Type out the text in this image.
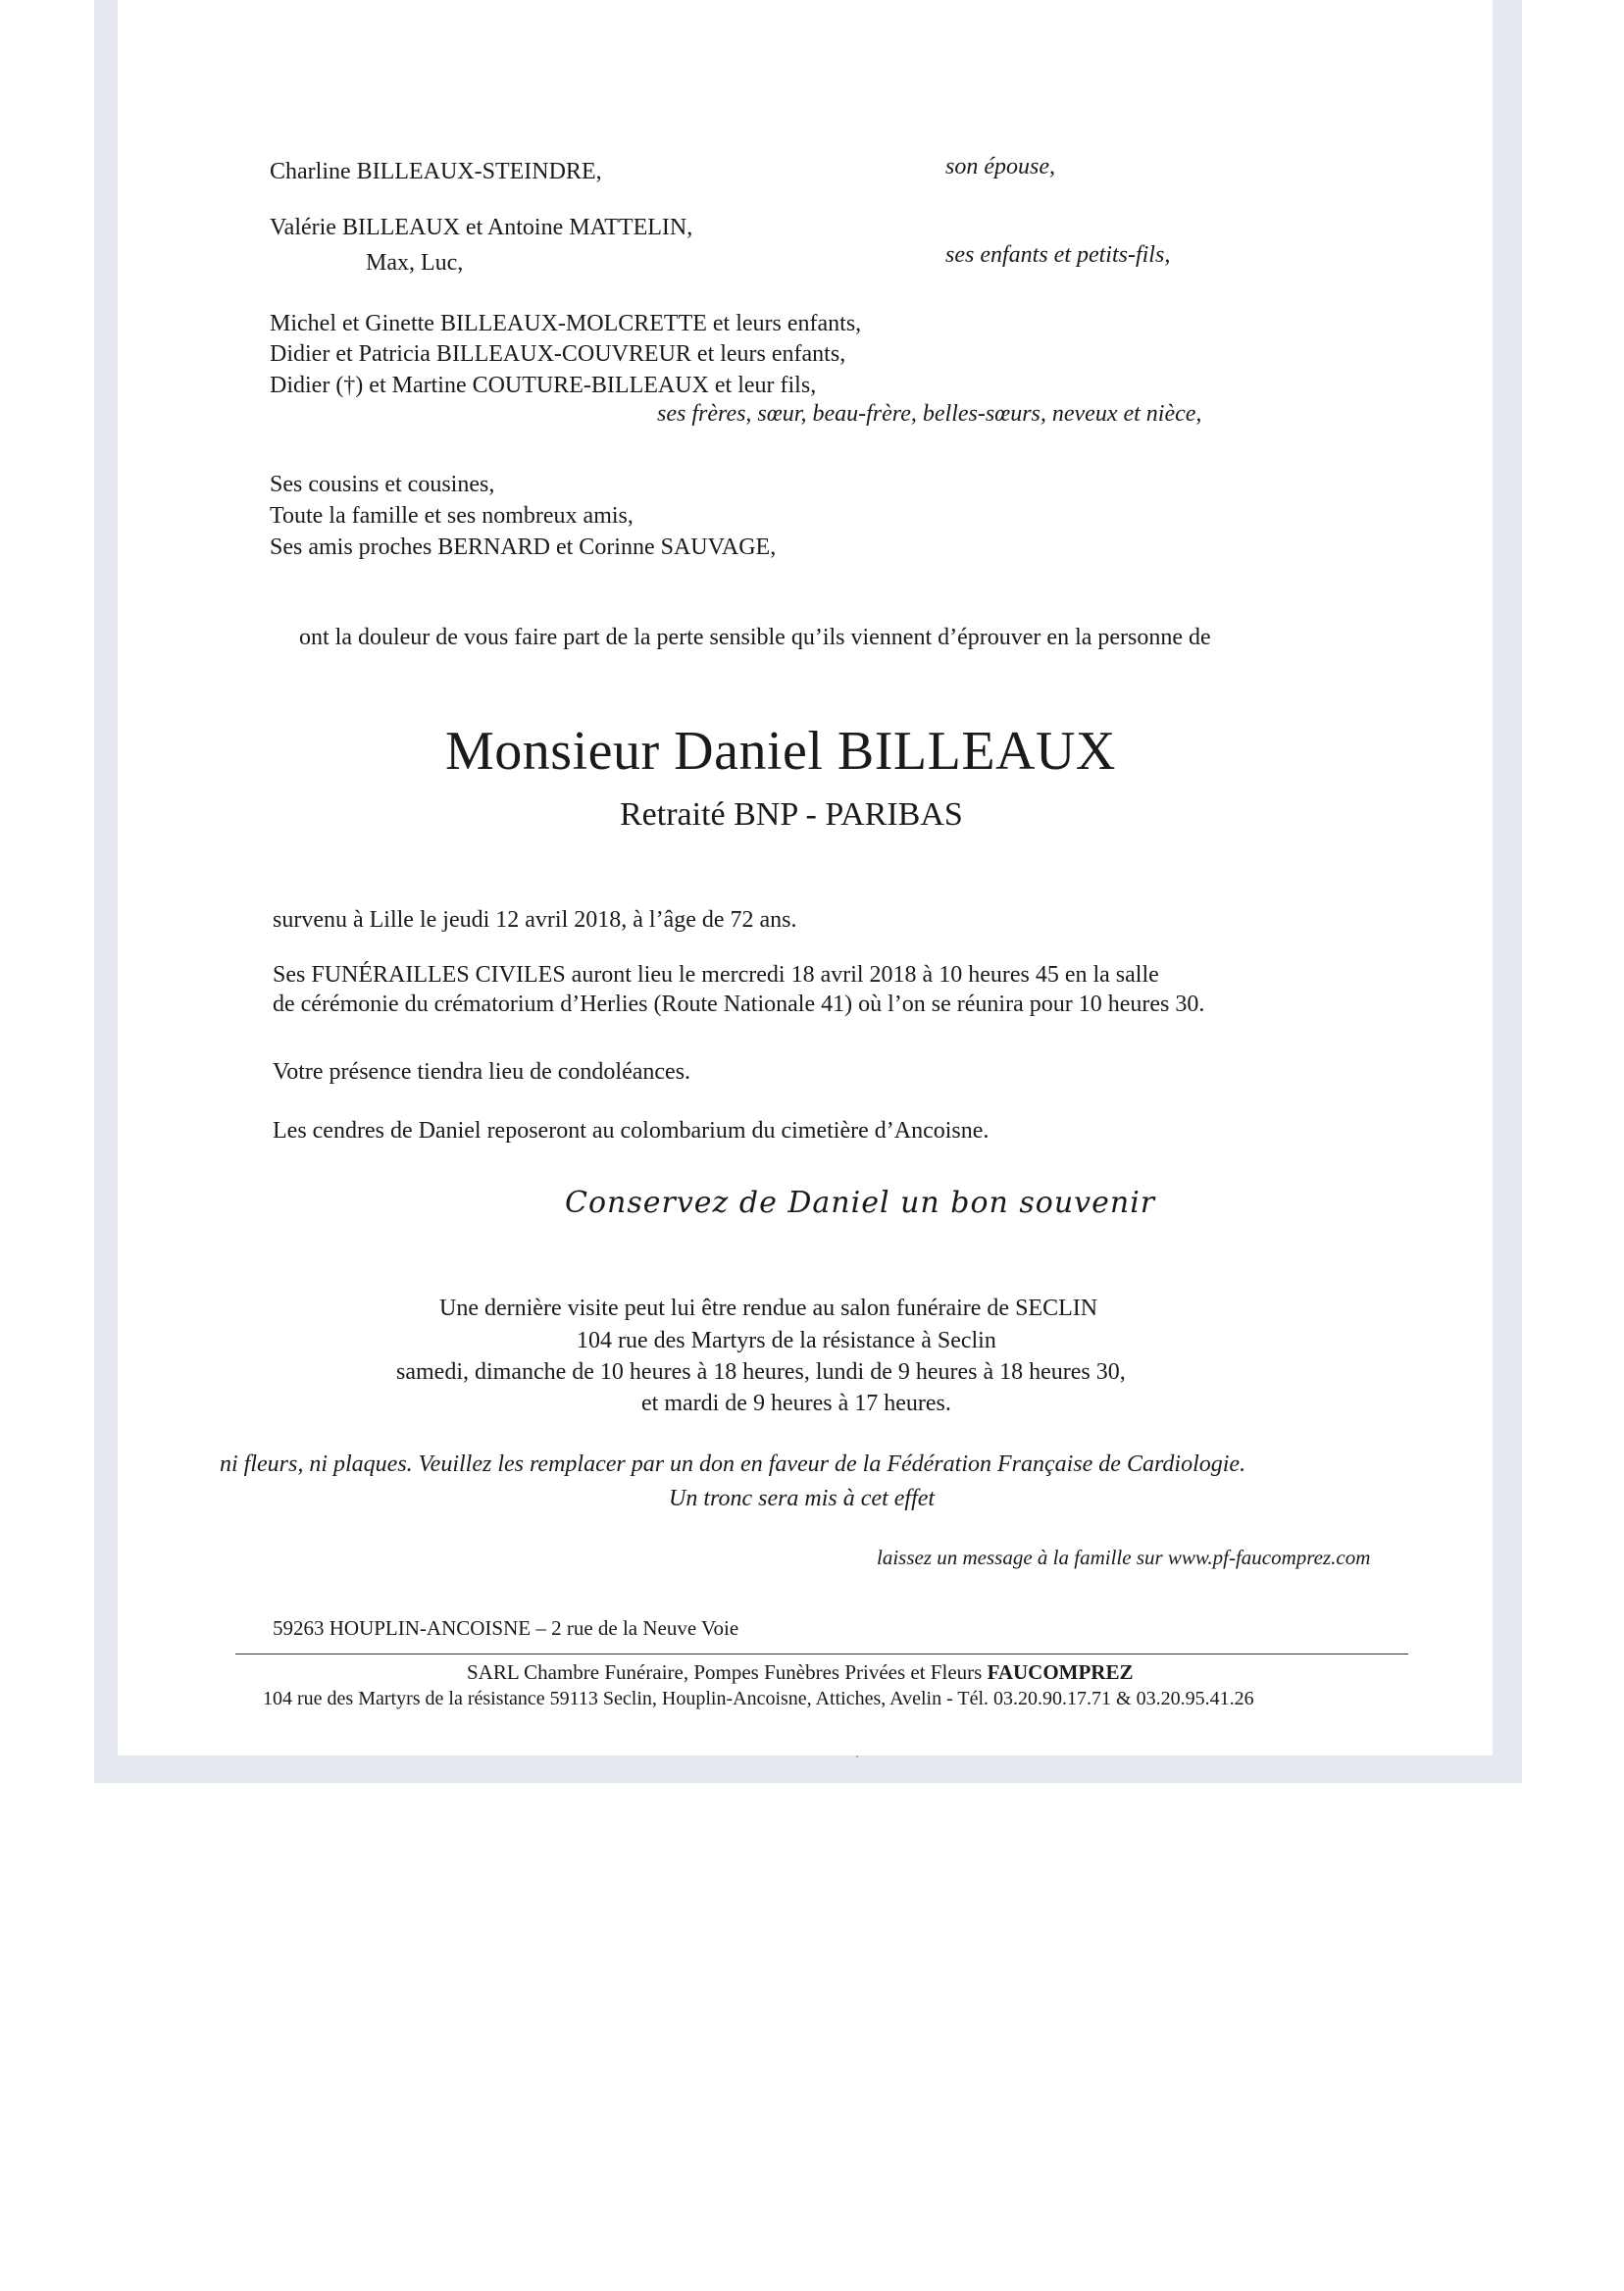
Charline BILLEAUX-STEINDRE,	son épouse,
Valérie BILLEAUX et Antoine MATTELIN,
Max, Luc,	ses enfants et petits-fils,
Michel et Ginette BILLEAUX-MOLCRETTE et leurs enfants,
Didier et Patricia BILLEAUX-COUVREUR et leurs enfants,
Didier (†) et Martine COUTURE-BILLEAUX et leur fils,
ses frères, sœur, beau-frère, belles-sœurs, neveux et nièce,
Ses cousins et cousines,
Toute la famille et ses nombreux amis,
Ses amis proches BERNARD et Corinne SAUVAGE,
ont la douleur de vous faire part de la perte sensible qu’ils viennent d’éprouver en la personne de
Monsieur Daniel BILLEAUX
Retraité BNP - PARIBAS
survenu à Lille le jeudi 12 avril 2018, à l’âge de 72 ans.
Ses FUNÉRAILLES CIVILES auront lieu le mercredi 18 avril 2018 à 10 heures 45 en la salle
de cérémonie du crématorium d’Herlies (Route Nationale 41) où l’on se réunira pour 10 heures 30.
Votre présence tiendra lieu de condoléances.
Les cendres de Daniel reposeront au colombarium du cimetière d’Ancoisne.
Conservez de Daniel un bon souvenir
Une dernière visite peut lui être rendue au salon funéraire de SECLIN
104 rue des Martyrs de la résistance à Seclin
samedi, dimanche de 10 heures à 18 heures, lundi de 9 heures à 18 heures 30,
et mardi de 9 heures à 17 heures.
ni fleurs, ni plaques. Veuillez les remplacer par un don en faveur de la Fédération Française de Cardiologie.
Un tronc sera mis à cet effet
laissez un message à la famille sur www.pf-faucomprez.com
59263 HOUPLIN-ANCOISNE – 2 rue de la Neuve Voie
SARL Chambre Funéraire, Pompes Funèbres Privées et Fleurs FAUCOMPREZ
104 rue des Martyrs de la résistance 59113 Seclin, Houplin-Ancoisne, Attiches, Avelin - Tél. 03.20.90.17.71 & 03.20.95.41.26
